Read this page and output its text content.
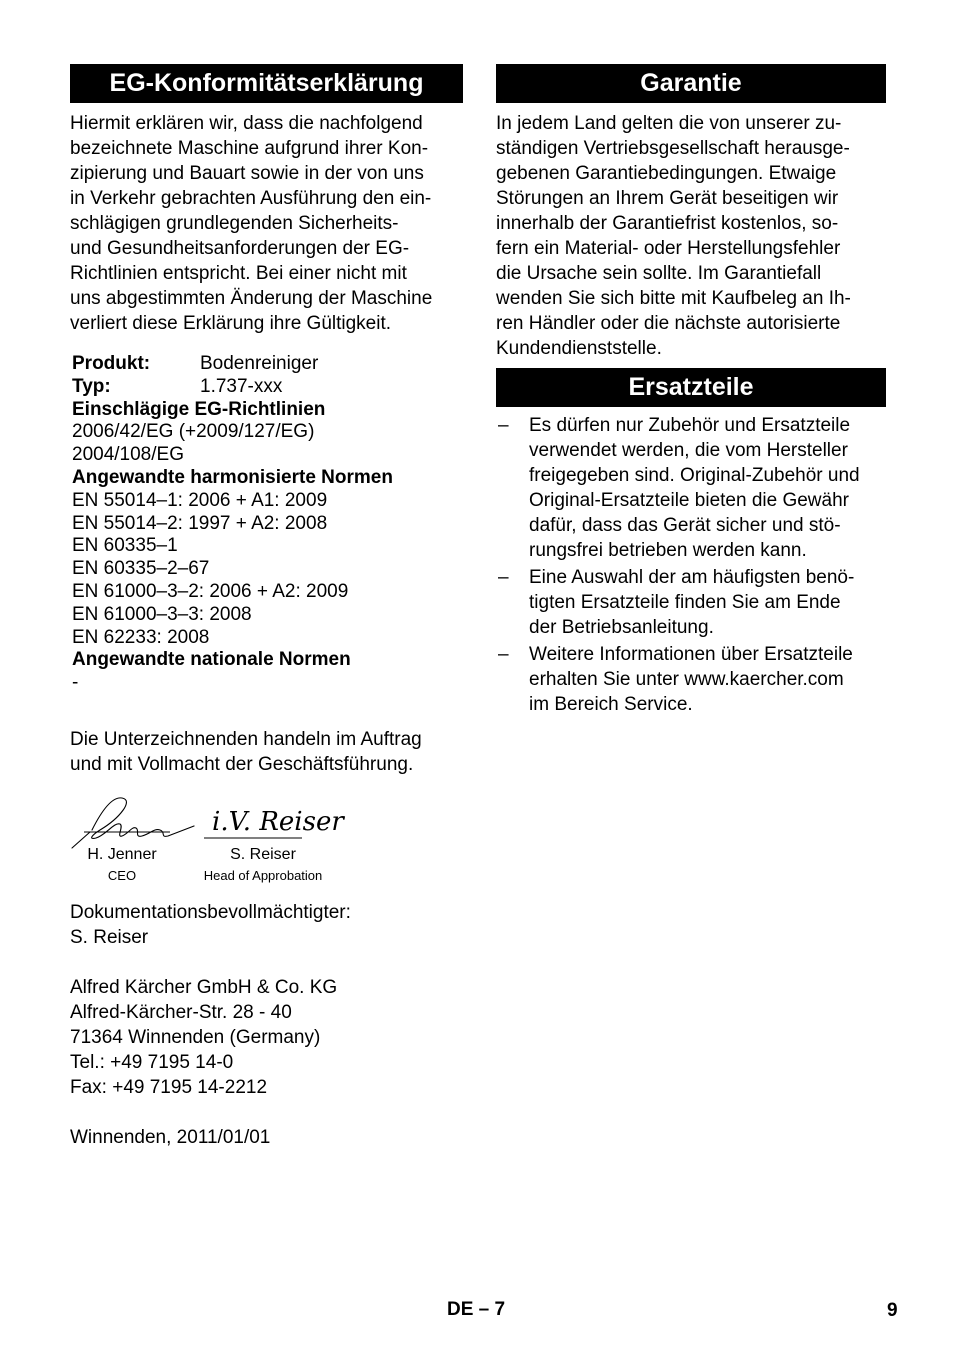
EG-Konformitätserklärung
Hiermit erklären wir, dass die nachfolgend
bezeichnete Maschine aufgrund ihrer Kon-
zipierung und Bauart sowie in der von uns
in Verkehr gebrachten Ausführung den ein-
schlägigen grundlegenden Sicherheits-
und Gesundheitsanforderungen der EG-
Richtlinien entspricht. Bei einer nicht mit
uns abgestimmten Änderung der Maschine
verliert diese Erklärung ihre Gültigkeit.
Produkt:	Bodenreiniger
Typ:	1.737-xxx
Einschlägige EG-Richtlinien
2006/42/EG (+2009/127/EG)
2004/108/EG
Angewandte harmonisierte Normen
EN 55014–1: 2006 + A1: 2009
EN 55014–2: 1997 + A2: 2008
EN 60335–1
EN 60335–2–67
EN 61000–3–2: 2006 + A2: 2009
EN 61000–3–3: 2008
EN 62233: 2008
Angewandte nationale Normen
-
Die Unterzeichnenden handeln im Auftrag
und mit Vollmacht der Geschäftsführung.
H. Jenner
CEO
i.V. Reiser
S. Reiser
Head of Approbation
Dokumentationsbevollmächtigter:
S. Reiser
Alfred Kärcher GmbH & Co. KG
Alfred-Kärcher-Str. 28 - 40
71364 Winnenden (Germany)
Tel.: +49 7195 14-0
Fax: +49 7195 14-2212
Winnenden, 2011/01/01
Garantie
In jedem Land gelten die von unserer zu-
ständigen Vertriebsgesellschaft herausge-
gebenen Garantiebedingungen. Etwaige
Störungen an Ihrem Gerät beseitigen wir
innerhalb der Garantiefrist kostenlos, so-
fern ein Material- oder Herstellungsfehler
die Ursache sein sollte. Im Garantiefall
wenden Sie sich bitte mit Kaufbeleg an Ih-
ren Händler oder die nächste autorisierte
Kundendienststelle.
Ersatzteile
– Es dürfen nur Zubehör und Ersatzteile
verwendet werden, die vom Hersteller
freigegeben sind. Original-Zubehör und
Original-Ersatzteile bieten die Gewähr
dafür, dass das Gerät sicher und stö-
rungsfrei betrieben werden kann.
– Eine Auswahl der am häufigsten benö-
tigten Ersatzteile finden Sie am Ende
der Betriebsanleitung.
– Weitere Informationen über Ersatzteile
erhalten Sie unter www.kaercher.com
im Bereich Service.
DE – 7	9
